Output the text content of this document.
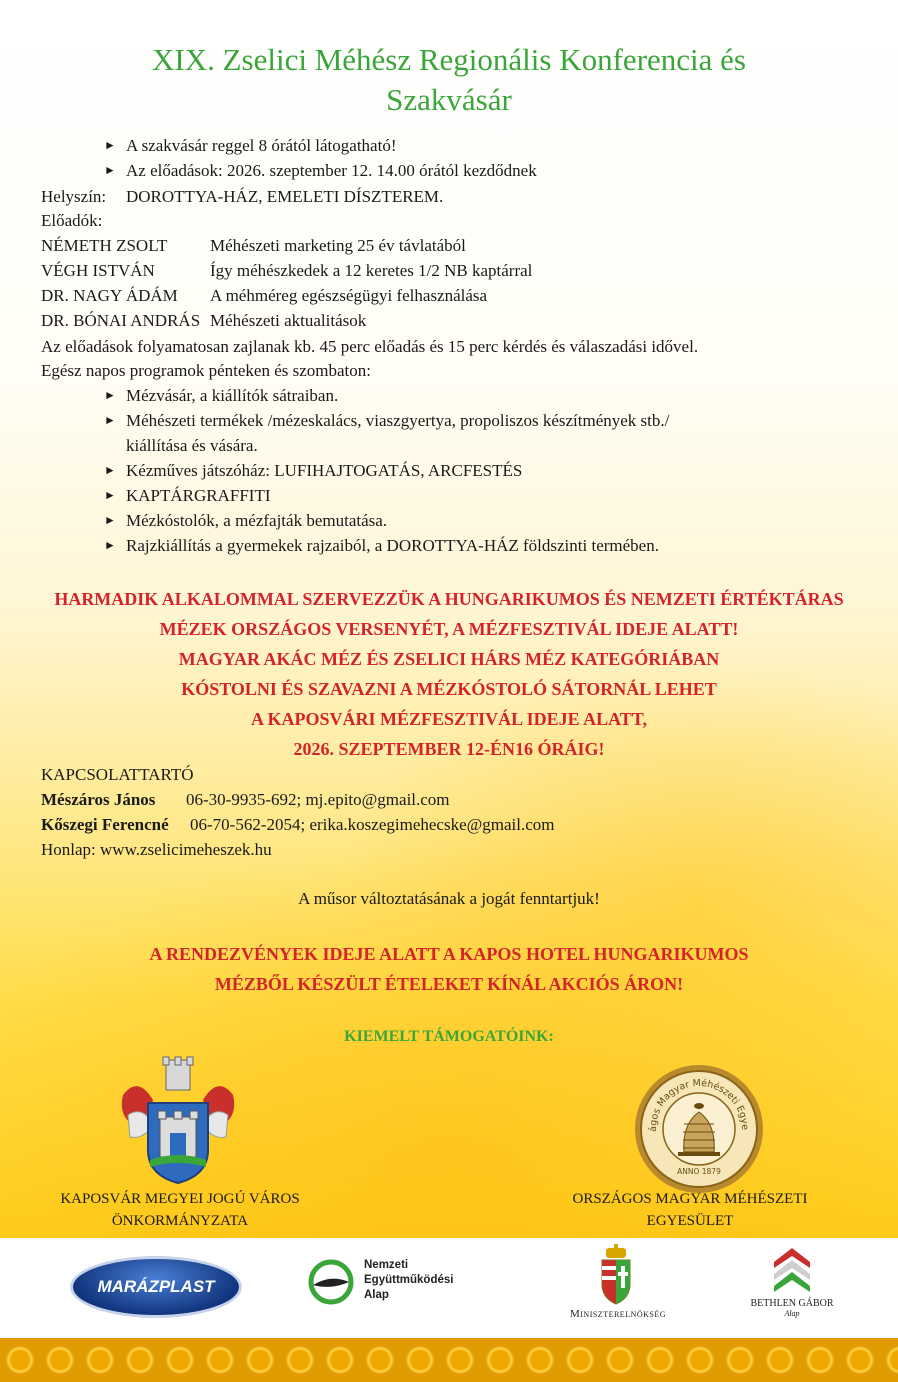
XIX. Zselici Méhész Regionális Konferencia és
Szakvásár
► A szakvásár reggel 8 órától látogatható!
► Az előadások: 2026. szeptember 12. 14.00 órától kezdődnek
Helyszín: DOROTTYA-HÁZ, EMELETI DÍSZTEREM.
Előadók:
NÉMETH ZSOLT	Méhészeti marketing 25 év távlatából
VÉGH ISTVÁN	Így méhészkedek a 12 keretes 1/2 NB kaptárral
DR. NAGY ÁDÁM A méhméreg egészségügyi felhasználása
DR. BÓNAI ANDRÁS Méhészeti aktualitások
Az előadások folyamatosan zajlanak kb. 45 perc előadás és 15 perc kérdés és válaszadási idővel.
Egész napos programok pénteken és szombaton:
► Mézvásár, a kiállítók sátraiban.
► Méhészeti termékek /mézeskalács, viaszgyertya, propoliszos készítmények stb./
kiállítása és vására.
► Kézműves játszóház: LUFIHAJTOGATÁS, ARCFESTÉS
► KAPTÁRGRAFFITI
► Mézkóstolók, a mézfajták bemutatása.
► Rajzkiállítás a gyermekek rajzaiból, a DOROTTYA-HÁZ földszinti termében.
HARMADIK ALKALOMMAL SZERVEZZÜK A HUNGARIKUMOS ÉS NEMZETI ÉRTÉKTÁRAS
MÉZEK ORSZÁGOS VERSENYÉT, A MÉZFESZTIVÁL IDEJE ALATT!
MAGYAR AKÁC MÉZ ÉS ZSELICI HÁRS MÉZ KATEGÓRIÁBAN
KÓSTOLNI ÉS SZAVAZNI A MÉZKÓSTOLÓ SÁTORNÁL LEHET
A KAPOSVÁRI MÉZFESZTIVÁL IDEJE ALATT,
2026. SZEPTEMBER 12-ÉN16 ÓRÁIG!
KAPCSOLATTARTÓ
Mészáros János 06-30-9935-692; mj.epito@gmail.com
Kőszegi Ferencné 06-70-562-2054; erika.koszegimehecske@gmail.com
Honlap: www.zselicimeheszek.hu
A műsor változtatásának a jogát fenntartjuk!
A RENDEZVÉNYEK IDEJE ALATT A KAPOS HOTEL HUNGARIKUMOS
MÉZBŐL KÉSZÜLT ÉTELEKET KÍNÁL AKCIÓS ÁRON!
KIEMELT TÁMOGATÓINK:
ágos Magyar Méhészeti Egye
ANNO 1879
KAPOSVÁR MEGYEI JOGÚ VÁROS
ÖNKORMÁNYZATA
ORSZÁGOS MAGYAR MÉHÉSZETI
EGYESÜLET
MARÁZPLAST
Nemzeti
Együttműködési
Alap
Miniszterelnökség
BETHLEN GÁBOR
Alap
